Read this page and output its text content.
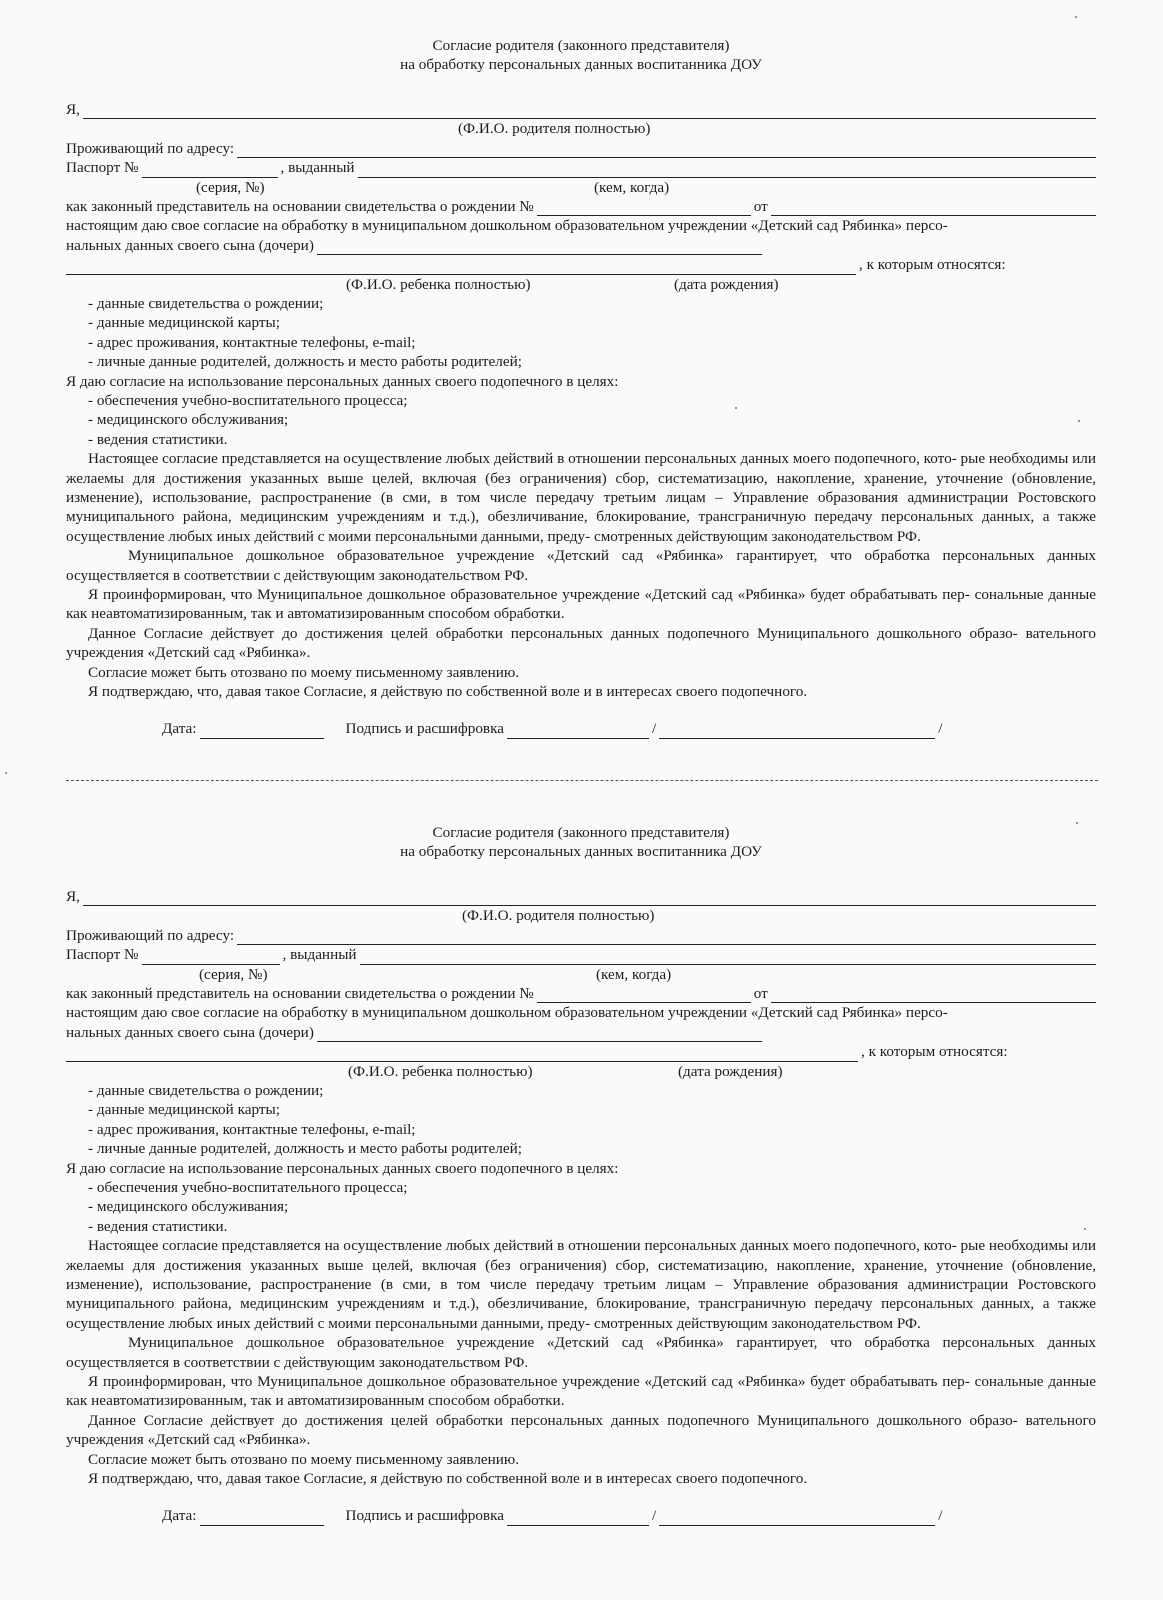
Согласие родителя (законного представителя)
на обработку персональных данных воспитанника ДОУ
Я,
(Ф.И.О. родителя полностью)
Проживающий по адресу:
Паспорт №	, выданный
(серия, №)	(кем, когда)
как законный представитель на основании свидетельства о рождении №	от
настоящим даю свое согласие на обработку в муниципальном дошкольном образовательном учреждении «Детский сад Рябинка» персо-
нальных данных своего сына (дочери)
, к которым относятся:
(Ф.И.О. ребенка полностью)	(дата рождения)
- данные свидетельства о рождении;
- данные медицинской карты;
- адрес проживания, контактные телефоны, e-mail;
- личные данные родителей, должность и место работы родителей;
Я даю согласие на использование персональных данных своего подопечного в целях:
- обеспечения учебно-воспитательного процесса;
- медицинского обслуживания;
- ведения статистики.
Настоящее согласие представляется на осуществление любых действий в отношении персональных данных моего подопечного, кото- рые необходимы или желаемы для достижения указанных выше целей, включая (без ограничения) сбор, систематизацию, накопление, хранение, уточнение (обновление, изменение), использование, распространение (в сми, в том числе передачу третьим лицам – Управление образования администрации Ростовского муниципального района, медицинским учреждениям и т.д.), обезличивание, блокирование, трансграничную передачу персональных данных, а также осуществление любых иных действий с моими персональными данными, преду- смотренных действующим законодательством РФ.
Муниципальное дошкольное образовательное учреждение «Детский сад «Рябинка» гарантирует, что обработка персональных данных осуществляется в соответствии с действующим законодательством РФ.
Я проинформирован, что Муниципальное дошкольное образовательное учреждение «Детский сад «Рябинка» будет обрабатывать пер- сональные данные как неавтоматизированным, так и автоматизированным способом обработки.
Данное Согласие действует до достижения целей обработки персональных данных подопечного Муниципального дошкольного образо- вательного учреждения «Детский сад «Рябинка».
Согласие может быть отозвано по моему письменному заявлению.
Я подтверждаю, что, давая такое Согласие, я действую по собственной воле и в интересах своего подопечного.
Дата:	Подпись и расшифровка	/	/
Согласие родителя (законного представителя)
на обработку персональных данных воспитанника ДОУ
Я,
(Ф.И.О. родителя полностью)
Проживающий по адресу:
Паспорт №	, выданный
(серия, №)	(кем, когда)
как законный представитель на основании свидетельства о рождении №	от
настоящим даю свое согласие на обработку в муниципальном дошкольном образовательном учреждении «Детский сад Рябинка» персо-
нальных данных своего сына (дочери)
, к которым относятся:
(Ф.И.О. ребенка полностью)	(дата рождения)
- данные свидетельства о рождении;
- данные медицинской карты;
- адрес проживания, контактные телефоны, e-mail;
- личные данные родителей, должность и место работы родителей;
Я даю согласие на использование персональных данных своего подопечного в целях:
- обеспечения учебно-воспитательного процесса;
- медицинского обслуживания;
- ведения статистики.
Настоящее согласие представляется на осуществление любых действий в отношении персональных данных моего подопечного, кото- рые необходимы или желаемы для достижения указанных выше целей, включая (без ограничения) сбор, систематизацию, накопление, хранение, уточнение (обновление, изменение), использование, распространение (в сми, в том числе передачу третьим лицам – Управление образования администрации Ростовского муниципального района, медицинским учреждениям и т.д.), обезличивание, блокирование, трансграничную передачу персональных данных, а также осуществление любых иных действий с моими персональными данными, преду- смотренных действующим законодательством РФ.
Муниципальное дошкольное образовательное учреждение «Детский сад «Рябинка» гарантирует, что обработка персональных данных осуществляется в соответствии с действующим законодательством РФ.
Я проинформирован, что Муниципальное дошкольное образовательное учреждение «Детский сад «Рябинка» будет обрабатывать пер- сональные данные как неавтоматизированным, так и автоматизированным способом обработки.
Данное Согласие действует до достижения целей обработки персональных данных подопечного Муниципального дошкольного образо- вательного учреждения «Детский сад «Рябинка».
Согласие может быть отозвано по моему письменному заявлению.
Я подтверждаю, что, давая такое Согласие, я действую по собственной воле и в интересах своего подопечного.
Дата:	Подпись и расшифровка	/	/
